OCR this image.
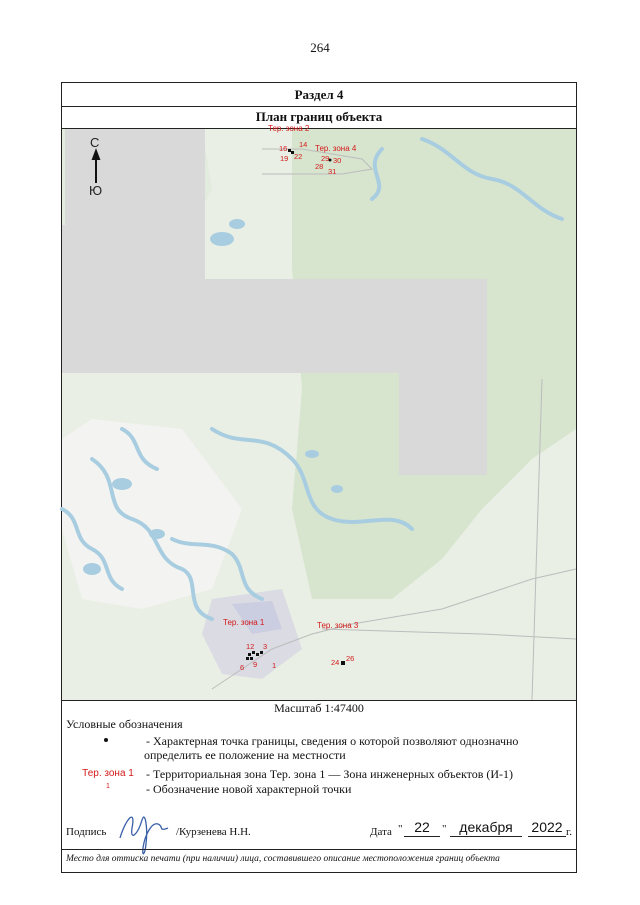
264
Раздел 4
План границ объекта
С
Ю
Тер. зона 2
Тер. зона 4
Тер. зона 1	Тер. зона 3
16 14
19 22 29 30
28
31
12 3
6 9 1	24 26
Масштаб 1:47400
Условные обозначения
- Характерная точка границы, сведения о которой позволяют однозначно
определить ее положение на местности
Тер. зона 1	- Территориальная зона Тер. зона 1 — Зона инженерных объектов (И-1)
1	- Обозначение новой характерной точки
Подпись	/Курзенева Н.Н.	Дата " 22	" декабря	2022 г.
Место для оттиска печати (при наличии) лица, составившего описание местоположения границ объекта
